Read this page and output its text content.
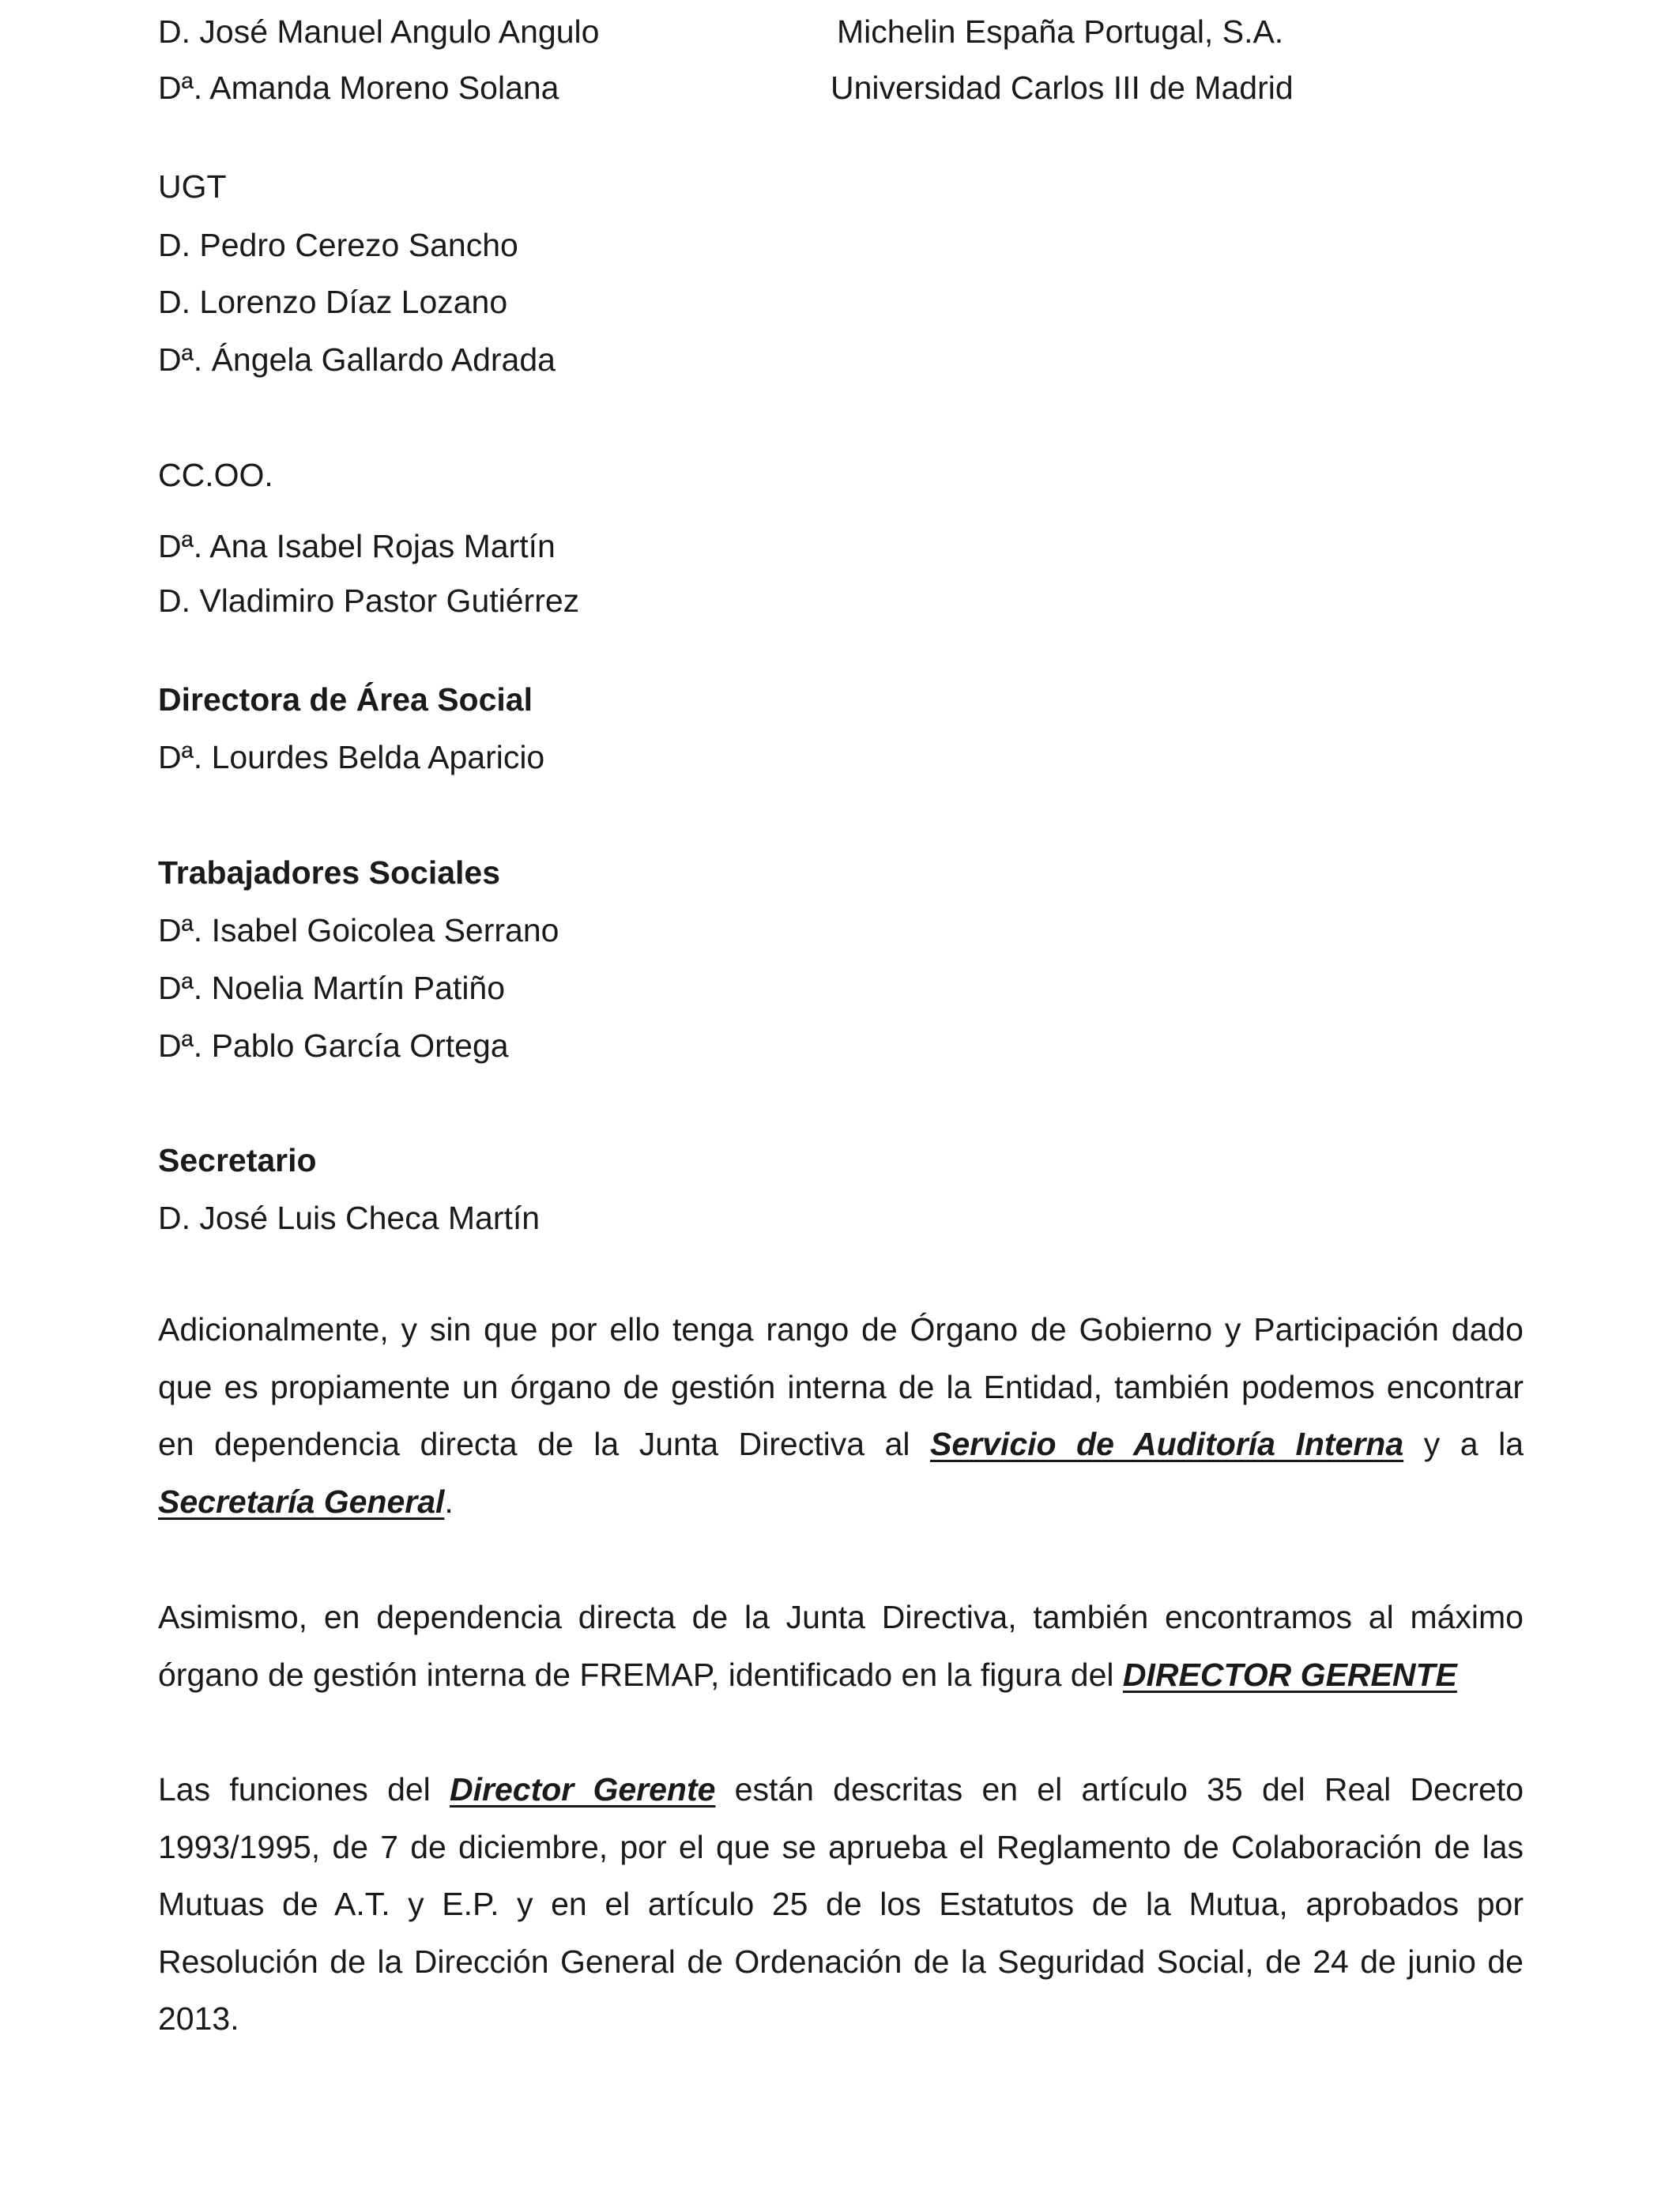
D. José Manuel Angulo Angulo	Michelin España Portugal, S.A.
Dª. Amanda Moreno Solana	Universidad Carlos III de Madrid
UGT
D. Pedro Cerezo Sancho
D. Lorenzo Díaz Lozano
Dª. Ángela Gallardo Adrada
CC.OO.
Dª. Ana Isabel Rojas Martín
D. Vladimiro Pastor Gutiérrez
Directora de Área Social
Dª. Lourdes Belda Aparicio
Trabajadores Sociales
Dª. Isabel Goicolea Serrano
Dª. Noelia Martín Patiño
Dª. Pablo García Ortega
Secretario
D. José Luis Checa Martín
Adicionalmente, y sin que por ello tenga rango de Órgano de Gobierno y Participación dado que es propiamente un órgano de gestión interna de la Entidad, también podemos encontrar en dependencia directa de la Junta Directiva al Servicio de Auditoría Interna y a la Secretaría General.
Asimismo, en dependencia directa de la Junta Directiva, también encontramos al máximo órgano de gestión interna de FREMAP, identificado en la figura del DIRECTOR GERENTE
Las funciones del Director Gerente están descritas en el artículo 35 del Real Decreto 1993/1995, de 7 de diciembre, por el que se aprueba el Reglamento de Colaboración de las Mutuas de A.T. y E.P. y en el artículo 25 de los Estatutos de la Mutua, aprobados por Resolución de la Dirección General de Ordenación de la Seguridad Social, de 24 de junio de 2013.
